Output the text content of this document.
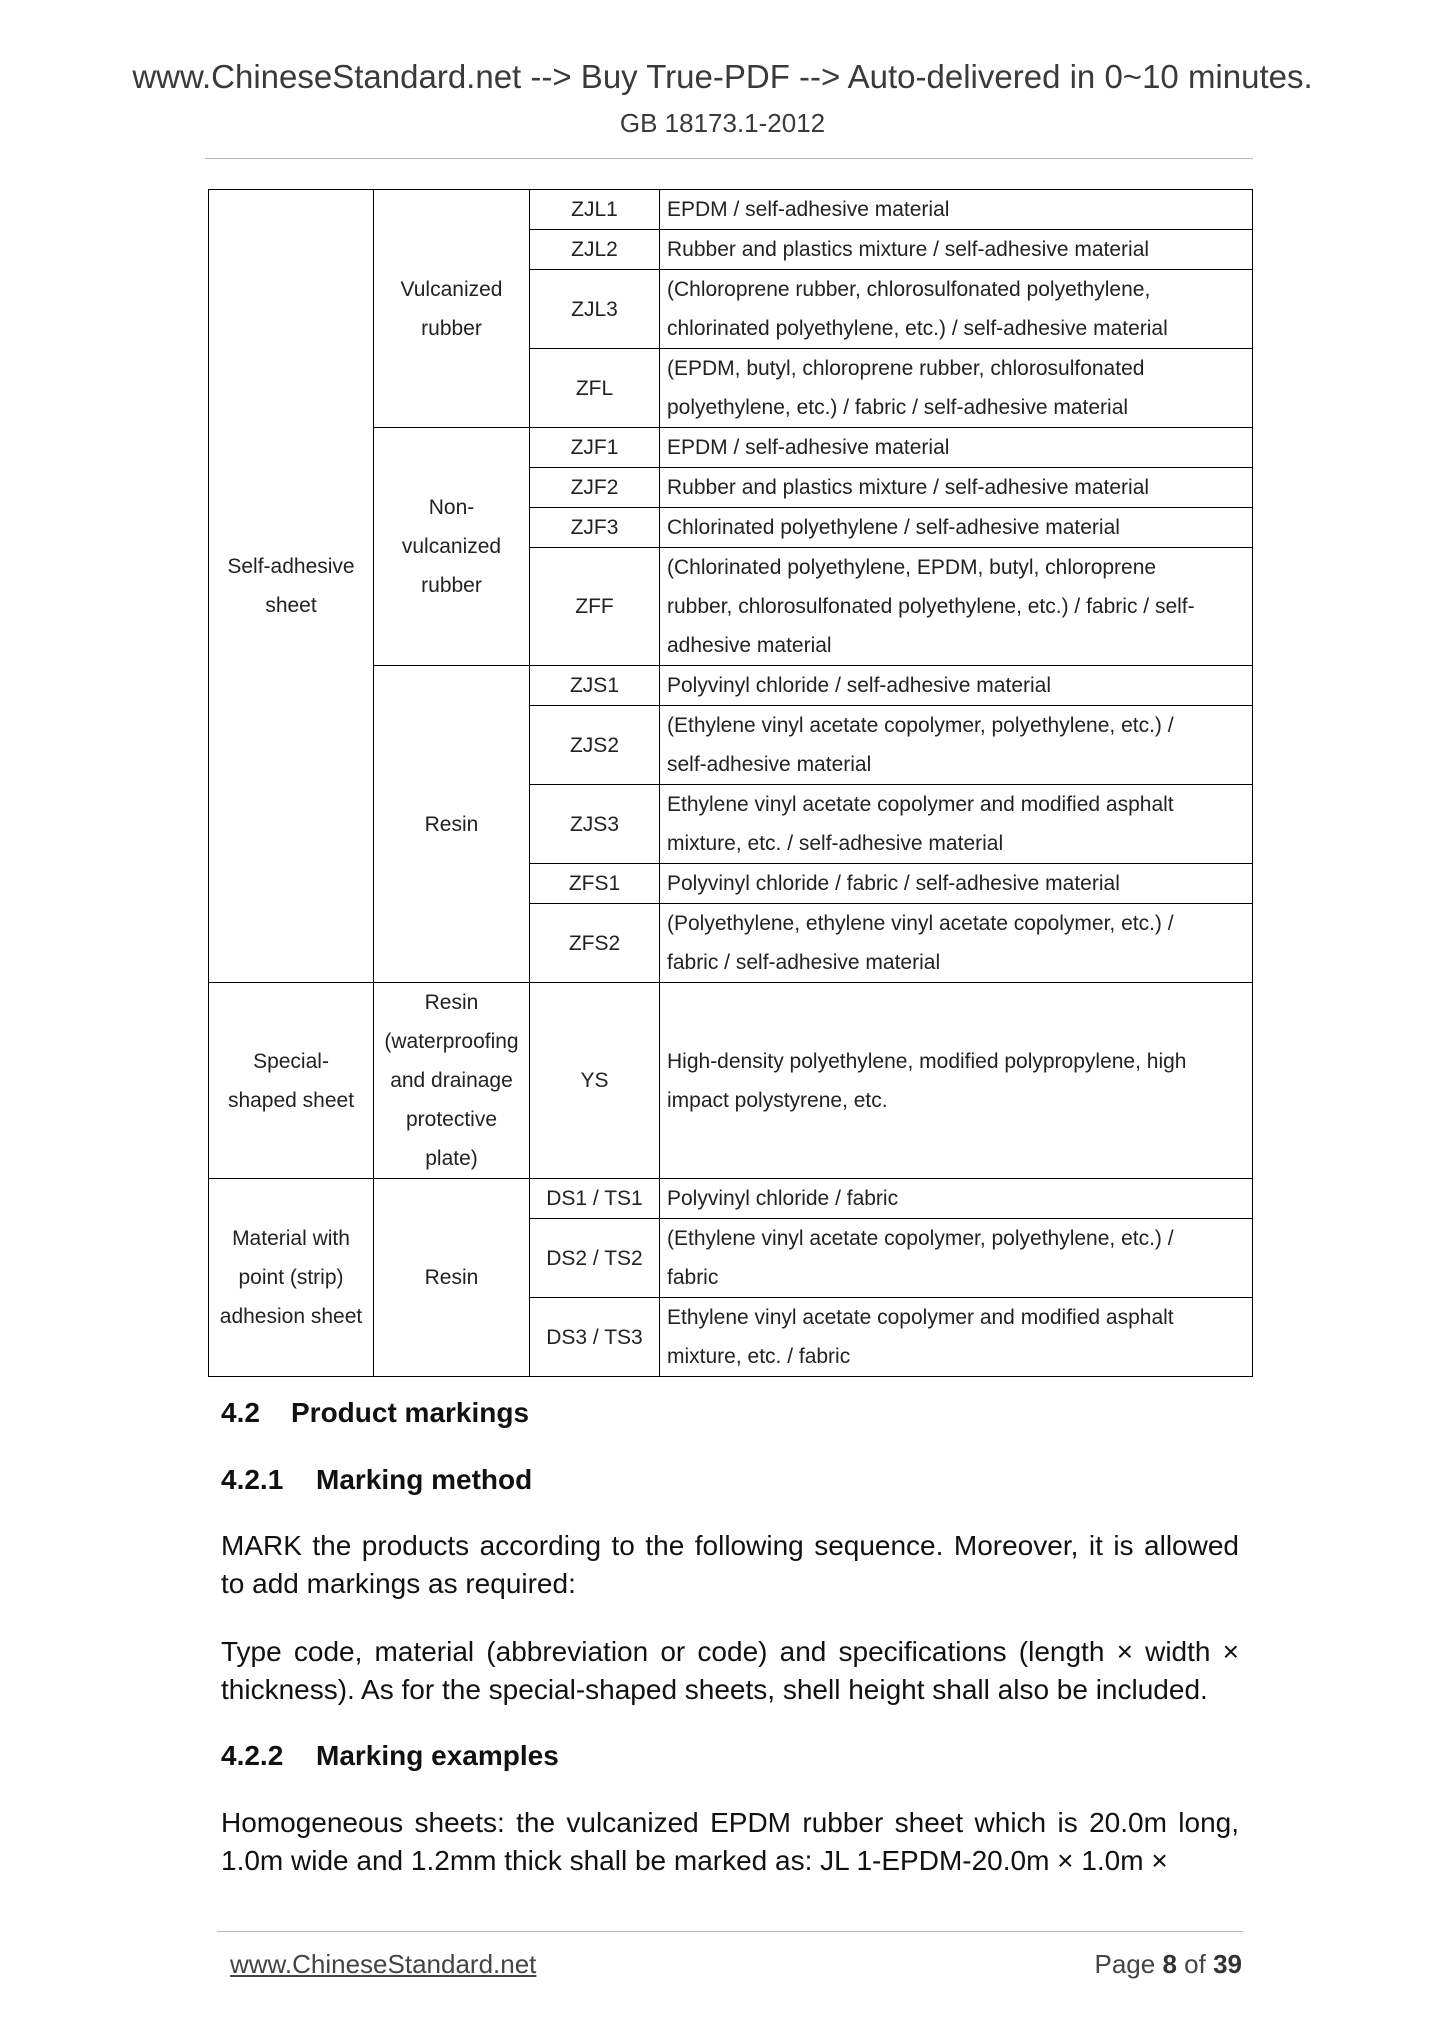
www.ChineseStandard.net --> Buy True-PDF --> Auto-delivered in 0~10 minutes.
GB 18173.1-2012
Self-adhesive
sheet	Vulcanized
rubber	ZJL1	EPDM / self-adhesive material
		ZJL2	Rubber and plastics mixture / self-adhesive material
		ZJL3	(Chloroprene rubber, chlorosulfonated polyethylene,
chlorinated polyethylene, etc.) / self-adhesive material
		ZFL	(EPDM, butyl, chloroprene rubber, chlorosulfonated
polyethylene, etc.) / fabric / self-adhesive material
	Non-
vulcanized
rubber	ZJF1	EPDM / self-adhesive material
		ZJF2	Rubber and plastics mixture / self-adhesive material
		ZJF3	Chlorinated polyethylene / self-adhesive material
		ZFF	(Chlorinated polyethylene, EPDM, butyl, chloroprene
rubber, chlorosulfonated polyethylene, etc.) / fabric / self-
adhesive material
	Resin	ZJS1	Polyvinyl chloride / self-adhesive material
		ZJS2	(Ethylene vinyl acetate copolymer, polyethylene, etc.) /
self-adhesive material
		ZJS3	Ethylene vinyl acetate copolymer and modified asphalt
mixture, etc. / self-adhesive material
		ZFS1	Polyvinyl chloride / fabric / self-adhesive material
		ZFS2	(Polyethylene, ethylene vinyl acetate copolymer, etc.) /
fabric / self-adhesive material
Special-
shaped sheet	Resin
(waterproofing
and drainage
protective
plate)	YS	High-density polyethylene, modified polypropylene, high
impact polystyrene, etc.
Material with
point (strip)
adhesion sheet	Resin	DS1 / TS1	Polyvinyl chloride / fabric
		DS2 / TS2	(Ethylene vinyl acetate copolymer, polyethylene, etc.) /
fabric
		DS3 / TS3	Ethylene vinyl acetate copolymer and modified asphalt
mixture, etc. / fabric
4.2 Product markings
4.2.1 Marking method

MARK the products according to the following sequence. Moreover, it is allowed to add markings as required:

Type code, material (abbreviation or code) and specifications (length × width × thickness). As for the special-shaped sheets, shell height shall also be included.

4.2.2 Marking examples

Homogeneous sheets: the vulcanized EPDM rubber sheet which is 20.0m long, 1.0m wide and 1.2mm thick shall be marked as: JL 1-EPDM-20.0m × 1.0m ×

www.ChineseStandard.net	Page 8 of 39
